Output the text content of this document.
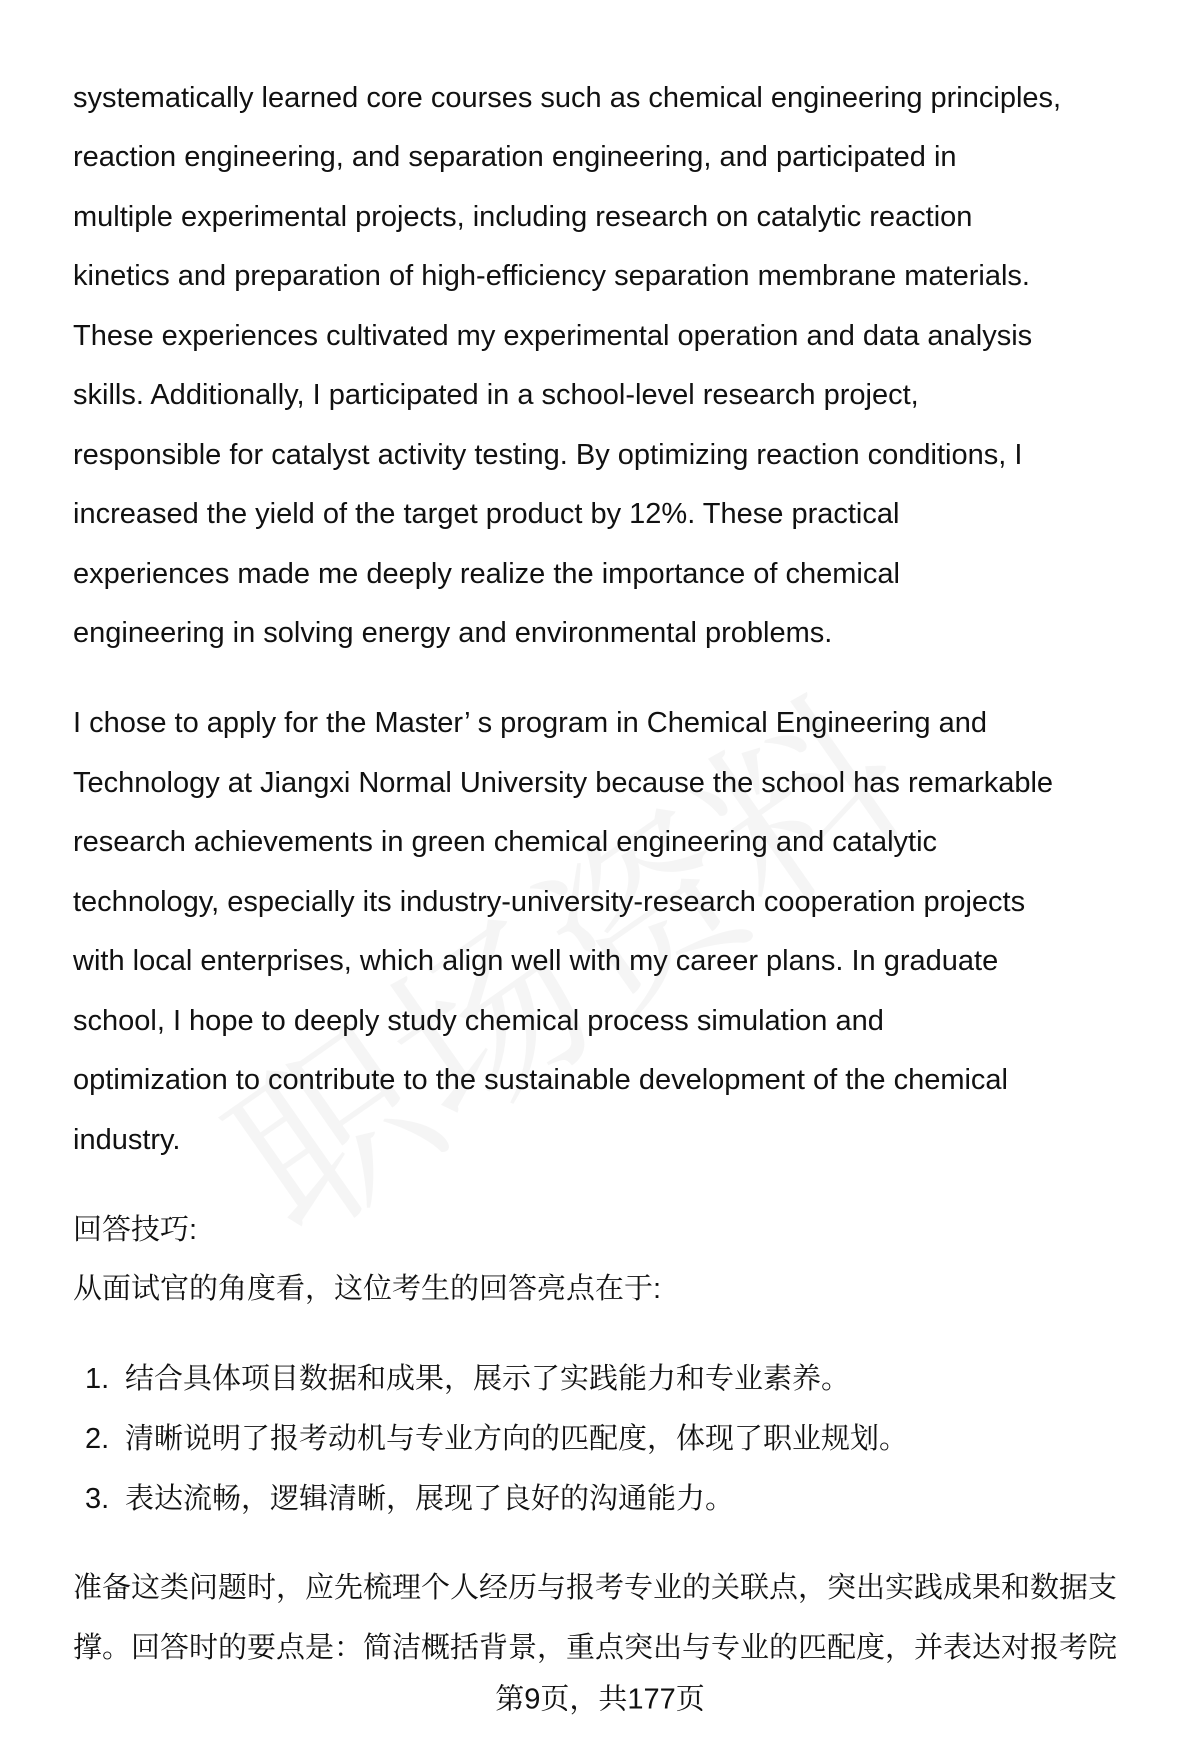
systematically learned core courses such as chemical engineering principles,
reaction engineering, and separation engineering, and participated in
multiple experimental projects, including research on catalytic reaction
kinetics and preparation of high-efficiency separation membrane materials.
These experiences cultivated my experimental operation and data analysis
skills. Additionally, I participated in a school-level research project,
responsible for catalyst activity testing. By optimizing reaction conditions, I
increased the yield of the target product by 12%. These practical
experiences made me deeply realize the importance of chemical
engineering in solving energy and environmental problems.
I chose to apply for the Master’ s program in Chemical Engineering and
Technology at Jiangxi Normal University because the school has remarkable
research achievements in green chemical engineering and catalytic
technology, especially its industry-university-research cooperation projects
with local enterprises, which align well with my career plans. In graduate
school, I hope to deeply study chemical process simulation and
optimization to contribute to the sustainable development of the chemical
industry.
回答技巧:
从面试官的角度看，这位考生的回答亮点在于:
1. 结合具体项目数据和成果，展示了实践能力和专业素养。
2. 清晰说明了报考动机与专业方向的匹配度，体现了职业规划。
3. 表达流畅，逻辑清晰，展现了良好的沟通能力。
准备这类问题时，应先梳理个人经历与报考专业的关联点，突出实践成果和数据支
撑。回答时的要点是：简洁概括背景，重点突出与专业的匹配度，并表达对报考院
第9页，共177页
